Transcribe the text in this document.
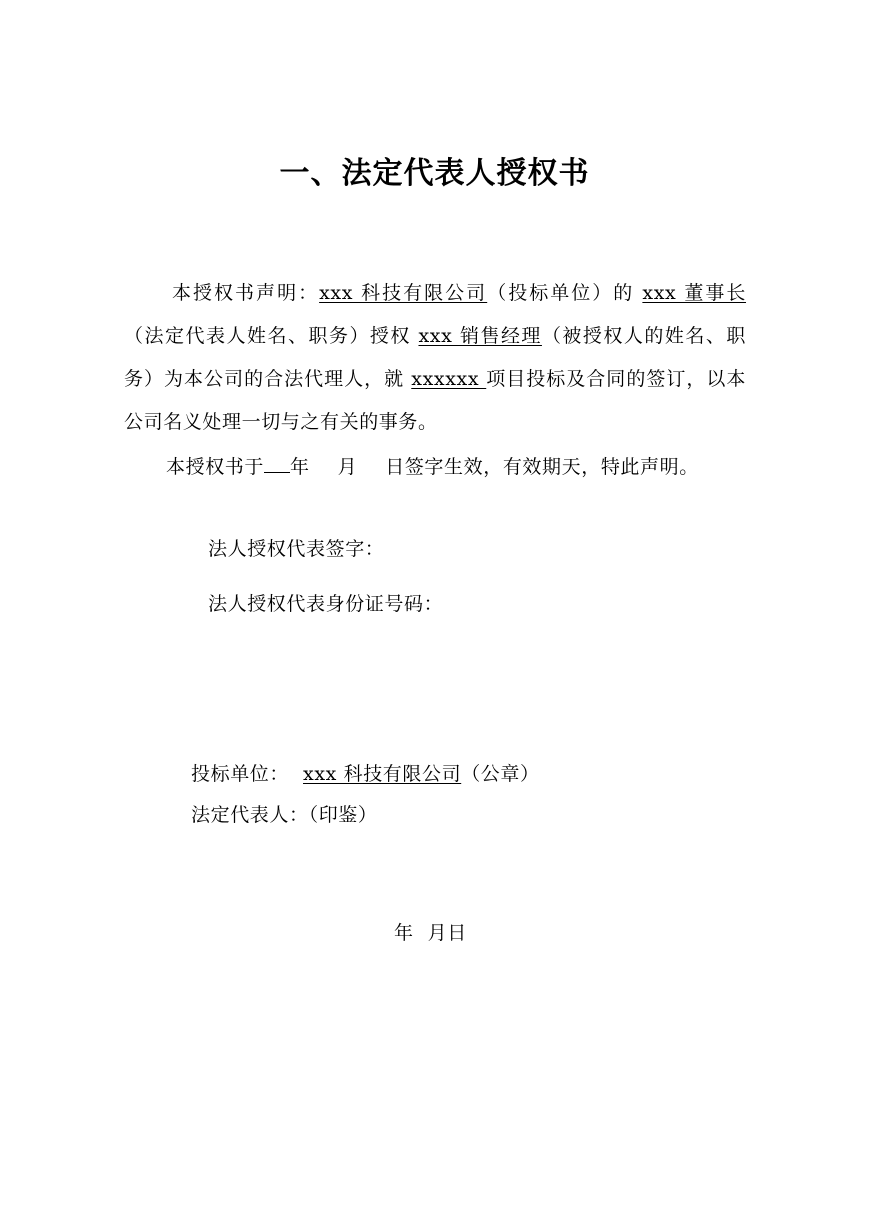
一、法定代表人授权书
本授权书声明：xxx 科技有限公司（投标单位）的 xxx 董事长（法定代表人姓名、职务）授权 xxx 销售经理（被授权人的姓名、职务）为本公司的合法代理人，就 xxxxxx 项目投标及合同的签订，以本公司名义处理一切与之有关的事务。
本授权书于 年 月 日签字生效，有效期天，特此声明。
法人授权代表签字：
法人授权代表身份证号码：
投标单位： xxx 科技有限公司（公章）
法定代表人：（印鉴）
年 月日
